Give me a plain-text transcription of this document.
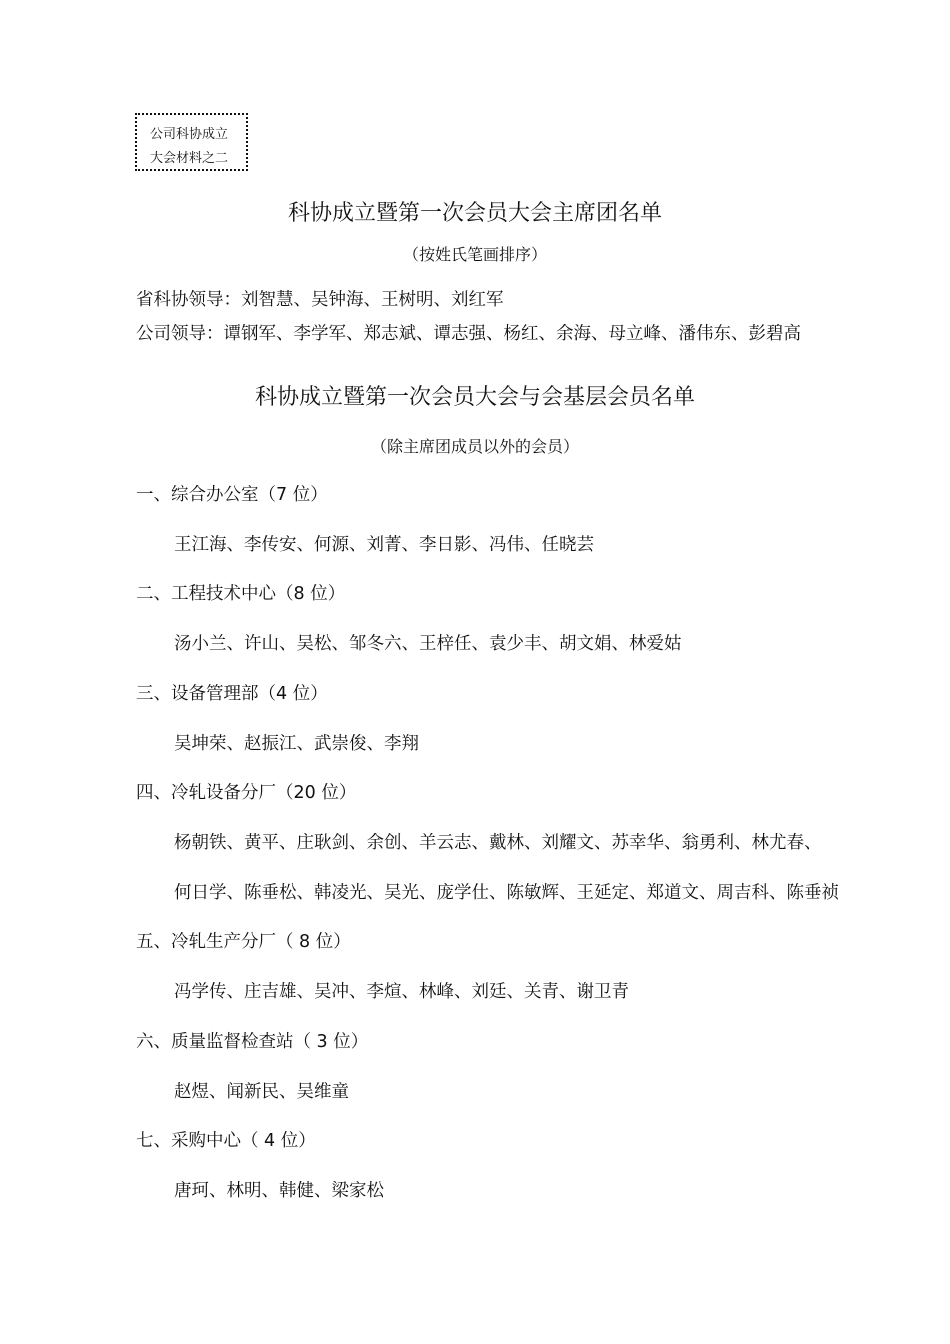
公司科协成立
大会材料之二
科协成立暨第一次会员大会主席团名单
（按姓氏笔画排序）
省科协领导：刘智慧、吴钟海、王树明、刘红军
公司领导：谭钢军、李学军、郑志斌、谭志强、杨红、余海、母立峰、潘伟东、彭碧高
科协成立暨第一次会员大会与会基层会员名单
（除主席团成员以外的会员）
一、综合办公室（7 位）
王江海、李传安、何源、刘菁、李日影、冯伟、任晓芸
二、工程技术中心（8 位）
汤小兰、许山、吴松、邹冬六、王梓任、袁少丰、胡文娟、林爱姑
三、设备管理部（4 位）
吴坤荣、赵振江、武崇俊、李翔
四、冷轧设备分厂（20 位）
杨朝铁、黄平、庄耿剑、余创、羊云志、戴林、刘耀文、苏幸华、翁勇利、林尤春、
何日学、陈垂松、韩凌光、吴光、庞学仕、陈敏辉、王延定、郑道文、周吉科、陈垂祯
五、冷轧生产分厂（ 8 位）
冯学传、庄吉雄、吴冲、李煊、林峰、刘廷、关青、谢卫青
六、质量监督检查站（ 3 位）
赵煜、闻新民、吴维童
七、采购中心（ 4 位）
唐珂、林明、韩健、梁家松
